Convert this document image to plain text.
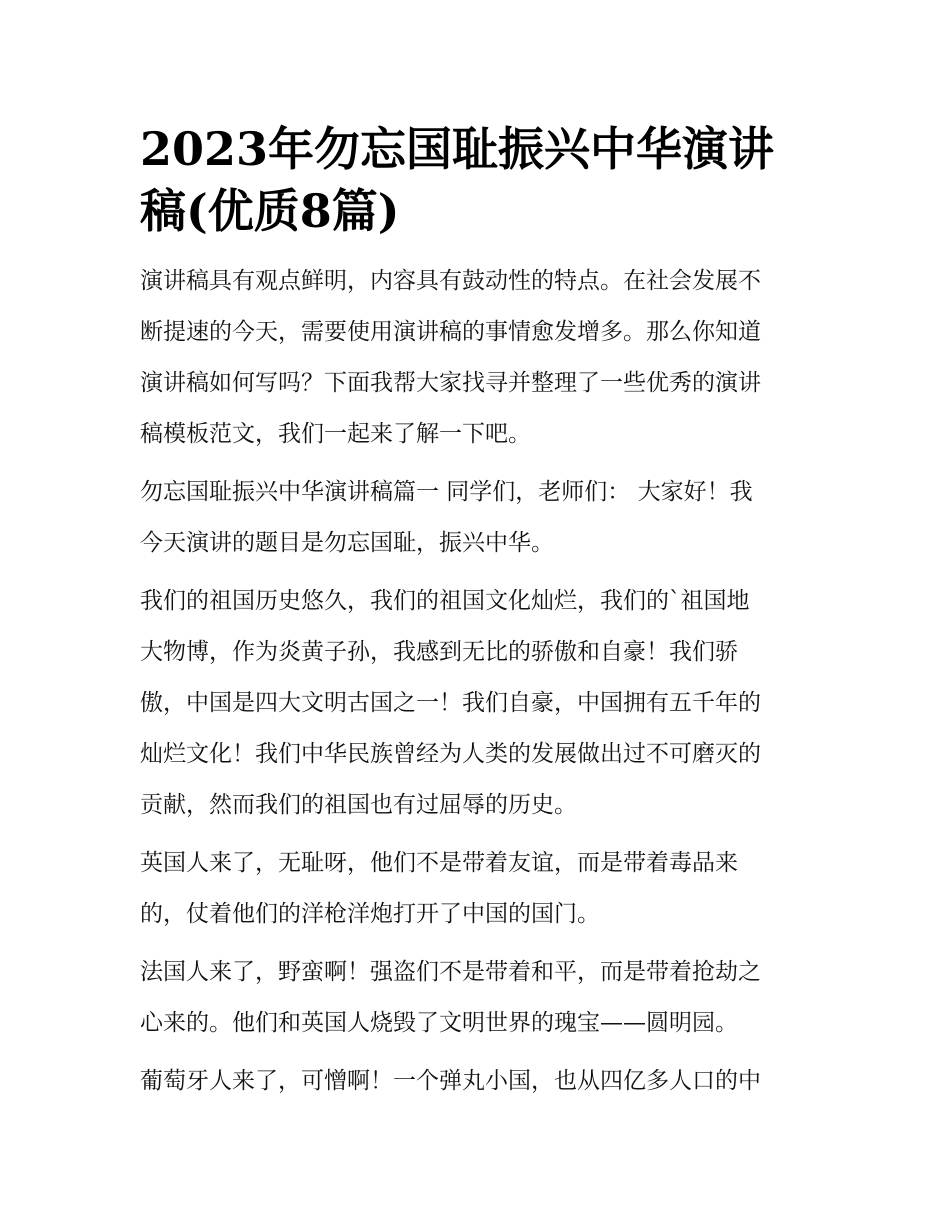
2023年勿忘国耻振兴中华演讲
稿(优质8篇)

演讲稿具有观点鲜明，内容具有鼓动性的特点。在社会发展不
断提速的今天，需要使用演讲稿的事情愈发增多。那么你知道
演讲稿如何写吗？下面我帮大家找寻并整理了一些优秀的演讲
稿模板范文，我们一起来了解一下吧。

勿忘国耻振兴中华演讲稿篇一 同学们，老师们： 大家好！我
今天演讲的题目是勿忘国耻，振兴中华。

我们的祖国历史悠久，我们的祖国文化灿烂，我们的`祖国地
大物博，作为炎黄子孙，我感到无比的骄傲和自豪！我们骄
傲，中国是四大文明古国之一！我们自豪，中国拥有五千年的
灿烂文化！我们中华民族曾经为人类的发展做出过不可磨灭的
贡献，然而我们的祖国也有过屈辱的历史。

英国人来了，无耻呀，他们不是带着友谊，而是带着毒品来
的，仗着他们的洋枪洋炮打开了中国的国门。

法国人来了，野蛮啊！强盗们不是带着和平，而是带着抢劫之
心来的。他们和英国人烧毁了文明世界的瑰宝——圆明园。

葡萄牙人来了，可憎啊！一个弹丸小国，也从四亿多人口的中
